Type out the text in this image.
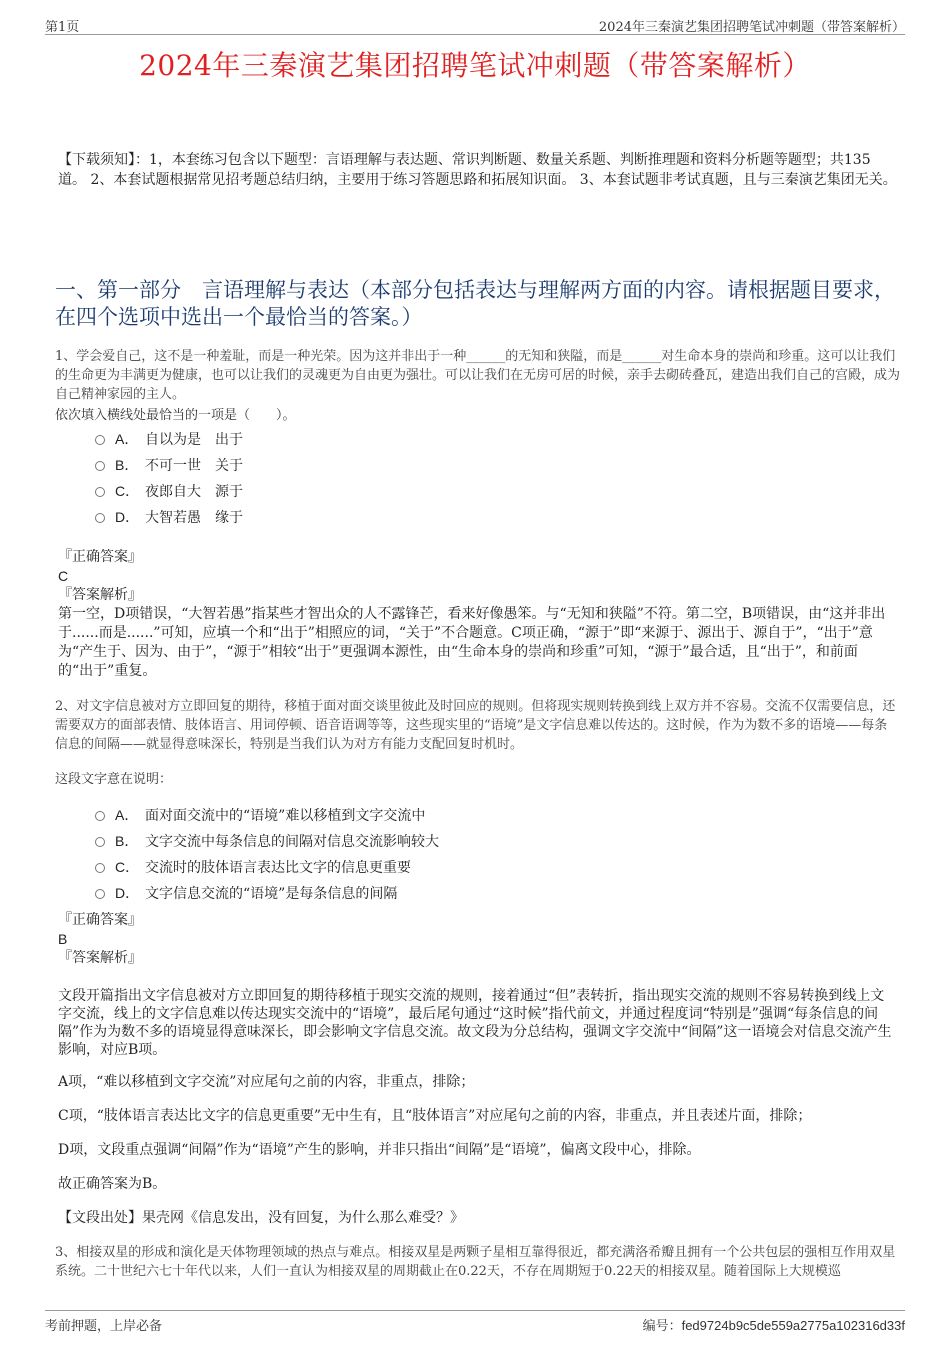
第1页	2024年三秦演艺集团招聘笔试冲刺题（带答案解析）
2024年三秦演艺集团招聘笔试冲刺题（带答案解析）
【下载须知】：1，本套练习包含以下题型：言语理解与表达题、常识判断题、数量关系题、判断推理题和资料分析题等题型；共135道。 2、本套试题根据常见招考题总结归纳，主要用于练习答题思路和拓展知识面。 3、本套试题非考试真题，且与三秦演艺集团无关。
一、第一部分　言语理解与表达（本部分包括表达与理解两方面的内容。请根据题目要求，在四个选项中选出一个最恰当的答案。）
1、学会爱自己，这不是一种羞耻，而是一种光荣。因为这并非出于一种______的无知和狭隘，而是______对生命本身的崇尚和珍重。这可以让我们的生命更为丰满更为健康，也可以让我们的灵魂更为自由更为强壮。可以让我们在无房可居的时候，亲手去砌砖叠瓦，建造出我们自己的宫殿，成为自己精神家园的主人。
依次填入横线处最恰当的一项是（　　）。
A． 自以为是　出于
B． 不可一世　关于
C． 夜郎自大　源于
D． 大智若愚　缘于

『正确答案』

C

『答案解析』

第一空，D项错误，“大智若愚”指某些才智出众的人不露锋芒，看来好像愚笨。与“无知和狭隘”不符。第二空，B项错误，由“这并非出于......而是......”可知，应填一个和“出于”相照应的词，“关于”不合题意。C项正确，“源于”即“来源于、源出于、源自于”，“出于”意为“产生于、因为、由于”，“源于”相较“出于”更强调本源性，由“生命本身的崇尚和珍重”可知，“源于”最合适，且“出于”，和前面的“出于”重复。

2、对文字信息被对方立即回复的期待，移植于面对面交谈里彼此及时回应的规则。但将现实规则转换到线上双方并不容易。交流不仅需要信息，还需要双方的面部表情、肢体语言、用词停顿、语音语调等等，这些现实里的“语境”是文字信息难以传达的。这时候，作为为数不多的语境——每条信息的间隔——就显得意味深长，特别是当我们认为对方有能力支配回复时机时。
这段文字意在说明：
A． 面对面交流中的“语境”难以移植到文字交流中
B． 文字交流中每条信息的间隔对信息交流影响较大
C． 交流时的肢体语言表达比文字的信息更重要
D． 文字信息交流的“语境”是每条信息的间隔

『正确答案』

B

『答案解析』

文段开篇指出文字信息被对方立即回复的期待移植于现实交流的规则，接着通过“但”表转折，指出现实交流的规则不容易转换到线上文字交流，线上的文字信息难以传达现实交流中的“语境”，最后尾句通过“这时候”指代前文，并通过程度词“特别是”强调“每条信息的间隔”作为为数不多的语境显得意味深长，即会影响文字信息交流。故文段为分总结构，强调文字交流中“间隔”这一语境会对信息交流产生影响，对应B项。
A项，“难以移植到文字交流”对应尾句之前的内容，非重点，排除；
C项，“肢体语言表达比文字的信息更重要”无中生有，且“肢体语言”对应尾句之前的内容，非重点，并且表述片面，排除；
D项，文段重点强调“间隔”作为“语境”产生的影响，并非只指出“间隔”是“语境”，偏离文段中心，排除。
故正确答案为B。
【文段出处】果壳网《信息发出，没有回复，为什么那么难受？》
3、相接双星的形成和演化是天体物理领域的热点与难点。相接双星是两颗子星相互靠得很近，都充满洛希瓣且拥有一个公共包层的强相互作用双星系统。二十世纪六七十年代以来，人们一直认为相接双星的周期截止在0.22天，不存在周期短于0.22天的相接双星。随着国际上大规模巡
考前押题，上岸必备	编号：fed9724b9c5de559a2775a102316d33f
